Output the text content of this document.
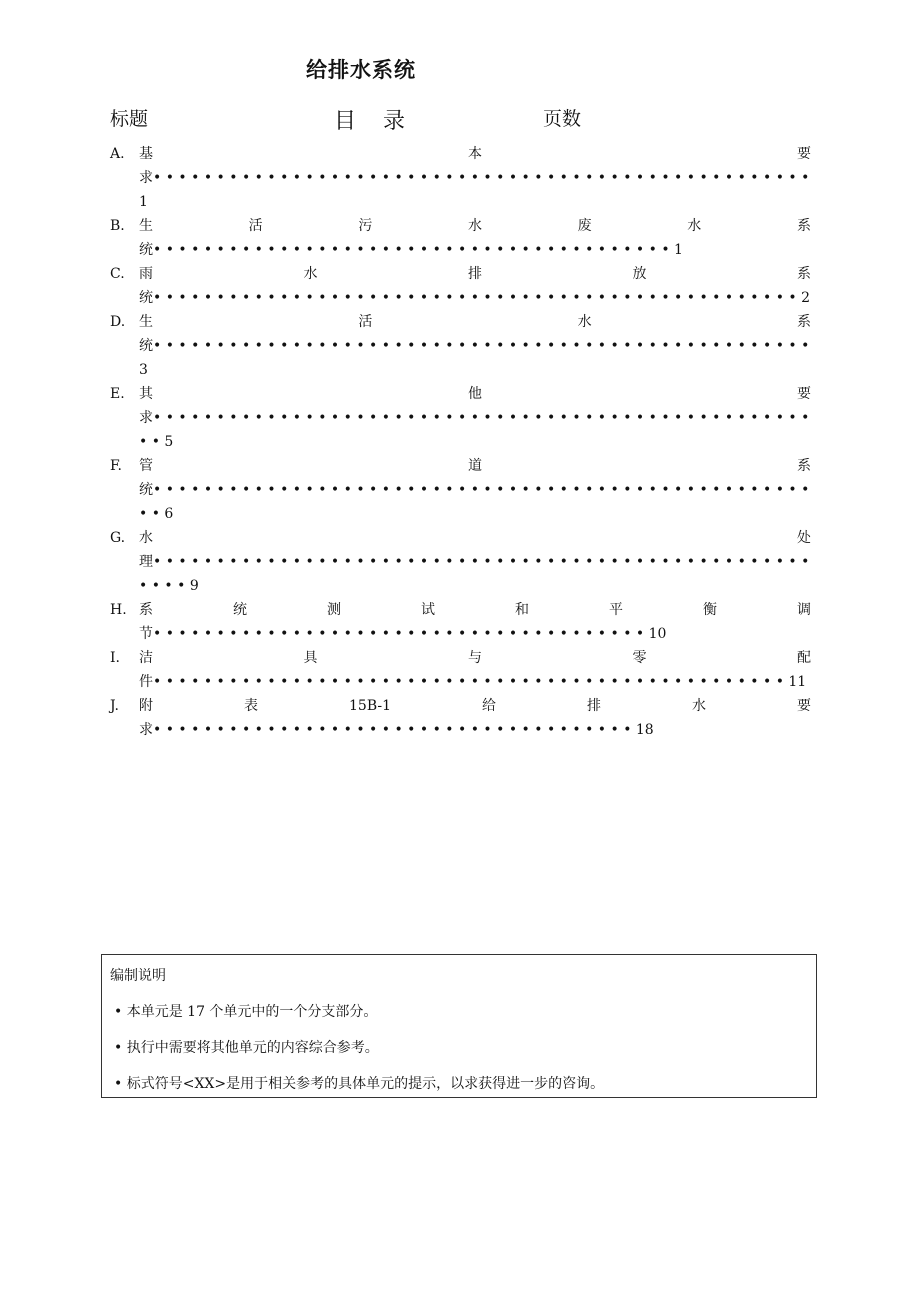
给排水系统
标题	目 录	页数
A. 基	本	要
求• • • • • • • • • • • • • • • • • • • • • • • • • • • • • • • • • • • • • • • • • • • • • • • • • • • • 1
B. 生	活	污	水	废	水	系
统• • • • • • • • • • • • • • • • • • • • • • • • • • • • • • • • • • • • • • • • • 1
C. 雨	水	排	放	系
统• • • • • • • • • • • • • • • • • • • • • • • • • • • • • • • • • • • • • • • • • • • • • • • • • • • 2
D. 生	活	水	系
统• • • • • • • • • • • • • • • • • • • • • • • • • • • • • • • • • • • • • • • • • • • • • • • • • • • • 3
E. 其	他	要
求• • • • • • • • • • • • • • • • • • • • • • • • • • • • • • • • • • • • • • • • • • • • • • • • • • • • • • 5
F. 管	道	系
统• • • • • • • • • • • • • • • • • • • • • • • • • • • • • • • • • • • • • • • • • • • • • • • • • • • • • • 6
G. 水	处
理• • • • • • • • • • • • • • • • • • • • • • • • • • • • • • • • • • • • • • • • • • • • • • • • • • • • • • • • 9
H. 系	统	测	试	和	平	衡	调
节• • • • • • • • • • • • • • • • • • • • • • • • • • • • • • • • • • • • • • • 10
I. 洁	具	与	零	配
件• • • • • • • • • • • • • • • • • • • • • • • • • • • • • • • • • • • • • • • • • • • • • • • • • • 11
J. 附	表	15B-1	给	排	水	要
求• • • • • • • • • • • • • • • • • • • • • • • • • • • • • • • • • • • • • • 18
编制说明
• 本单元是 17 个单元中的一个分支部分。
• 执行中需要将其他单元的内容综合参考。
• 标式符号<XX>是用于相关参考的具体单元的提示，以求获得进一步的咨询。
